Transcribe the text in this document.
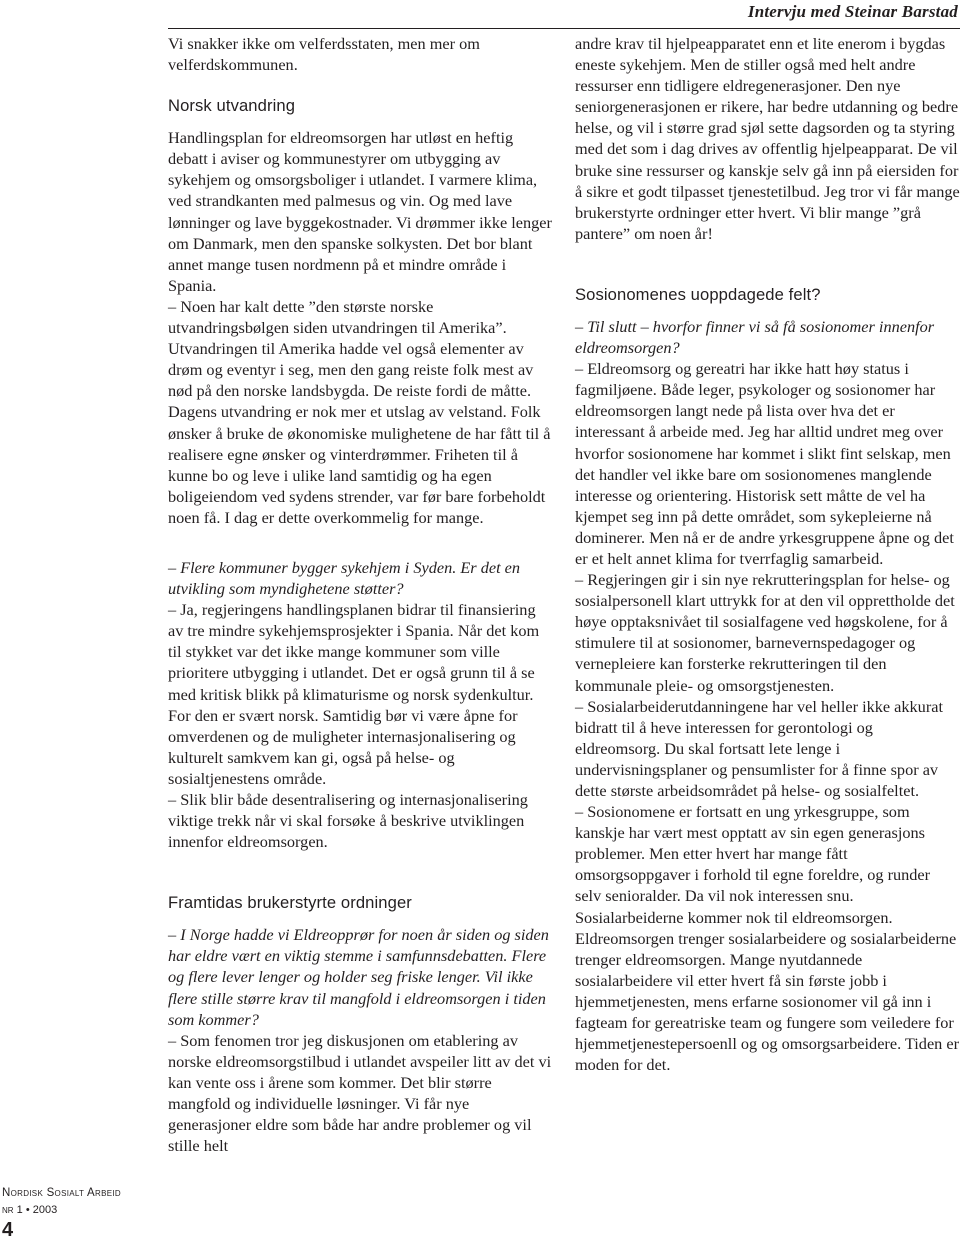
Intervju med Steinar Barstad

Vi snakker ikke om velferdsstaten, men mer om velferdskommunen.

Norsk utvandring

Handlingsplan for eldreomsorgen har utløst en heftig debatt i aviser og kommunestyrer om utbygging av sykehjem og omsorgsboliger i utlandet. I varmere klima, ved strandkanten med palmesus og vin. Og med lave lønninger og lave byggekostnader. Vi drømmer ikke lenger om Danmark, men den spanske solkysten. Det bor blant annet mange tusen nordmenn på et mindre område i Spania.

– Noen har kalt dette ”den største norske utvandringsbølgen siden utvandringen til Amerika”. Utvandringen til Amerika hadde vel også elementer av drøm og eventyr i seg, men den gang reiste folk mest av nød på den norske landsbygda. De reiste fordi de måtte. Dagens utvandring er nok mer et utslag av velstand. Folk ønsker å bruke de økonomiske mulighetene de har fått til å realisere egne ønsker og vinterdrømmer. Friheten til å kunne bo og leve i ulike land samtidig og ha egen boligeiendom ved sydens strender, var før bare forbeholdt noen få. I dag er dette overkommelig for mange.

– Flere kommuner bygger sykehjem i Syden. Er det en utvikling som myndighetene støtter?

– Ja, regjeringens handlingsplanen bidrar til finansiering av tre mindre sykehjemsprosjekter i Spania. Når det kom til stykket var det ikke mange kommuner som ville prioritere utbygging i utlandet. Det er også grunn til å se med kritisk blikk på klimaturisme og norsk sydenkultur. For den er svært norsk. Samtidig bør vi være åpne for omverdenen og de muligheter internasjonalisering og kulturelt samkvem kan gi, også på helse- og sosialtjenestens område.

– Slik blir både desentralisering og internasjonalisering viktige trekk når vi skal forsøke å beskrive utviklingen innenfor eldreomsorgen.

Framtidas brukerstyrte ordninger

– I Norge hadde vi Eldreopprør for noen år siden og siden har eldre vært en viktig stemme i samfunnsdebatten. Flere og flere lever lenger og holder seg friske lenger. Vil ikke flere stille større krav til mangfold i eldreomsorgen i tiden som kommer?

– Som fenomen tror jeg diskusjonen om etablering av norske eldreomsorgstilbud i utlandet avspeiler litt av det vi kan vente oss i årene som kommer. Det blir større mangfold og individuelle løsninger. Vi får nye generasjoner eldre som både har andre problemer og vil stille helt

andre krav til hjelpeapparatet enn et lite enerom i bygdas eneste sykehjem. Men de stiller også med helt andre ressurser enn tidligere eldregenerasjoner. Den nye seniorgenerasjonen er rikere, har bedre utdanning og bedre helse, og vil i større grad sjøl sette dagsorden og ta styring med det som i dag drives av offentlig hjelpeapparat. De vil bruke sine ressurser og kanskje selv gå inn på eiersiden for å sikre et godt tilpasset tjenestetilbud. Jeg tror vi får mange brukerstyrte ordninger etter hvert. Vi blir mange ”grå pantere” om noen år!

Sosionomenes uoppdagede felt?

– Til slutt – hvorfor finner vi så få sosionomer innenfor eldreomsorgen?

– Eldreomsorg og gereatri har ikke hatt høy status i fagmiljøene. Både leger, psykologer og sosionomer har eldreomsorgen langt nede på lista over hva det er interessant å arbeide med. Jeg har alltid undret meg over hvorfor sosionomene har kommet i slikt fint selskap, men det handler vel ikke bare om sosionomenes manglende interesse og orientering. Historisk sett måtte de vel ha kjempet seg inn på dette området, som sykepleierne nå dominerer. Men nå er de andre yrkesgruppene åpne og det er et helt annet klima for tverrfaglig samarbeid.

– Regjeringen gir i sin nye rekrutteringsplan for helse- og sosialpersonell klart uttrykk for at den vil opprettholde det høye opptaksnivået til sosialfagene ved høgskolene, for å stimulere til at sosionomer, barnevernspedagoger og vernepleiere kan forsterke rekrutteringen til den kommunale pleie- og omsorgstjenesten.

– Sosialarbeiderutdanningene har vel heller ikke akkurat bidratt til å heve interessen for gerontologi og eldreomsorg. Du skal fortsatt lete lenge i undervisningsplaner og pensumlister for å finne spor av dette største arbeidsområdet på helse- og sosialfeltet.

– Sosionomene er fortsatt en ung yrkesgruppe, som kanskje har vært mest opptatt av sin egen generasjons problemer. Men etter hvert har mange fått omsorgsoppgaver i forhold til egne foreldre, og runder selv senioralder. Da vil nok interessen snu. Sosialarbeiderne kommer nok til eldreomsorgen. Eldreomsorgen trenger sosialarbeidere og sosialarbeiderne trenger eldreomsorgen. Mange nyutdannede sosialarbeidere vil etter hvert få sin første jobb i hjemmetjenesten, mens erfarne sosionomer vil gå inn i fagteam for gereatriske team og fungere som veiledere for hjemmetjenestepersoenll og og omsorgsarbeidere. Tiden er moden for det.

Nordisk Sosialt Arbeid
nr 1 • 2003
4
